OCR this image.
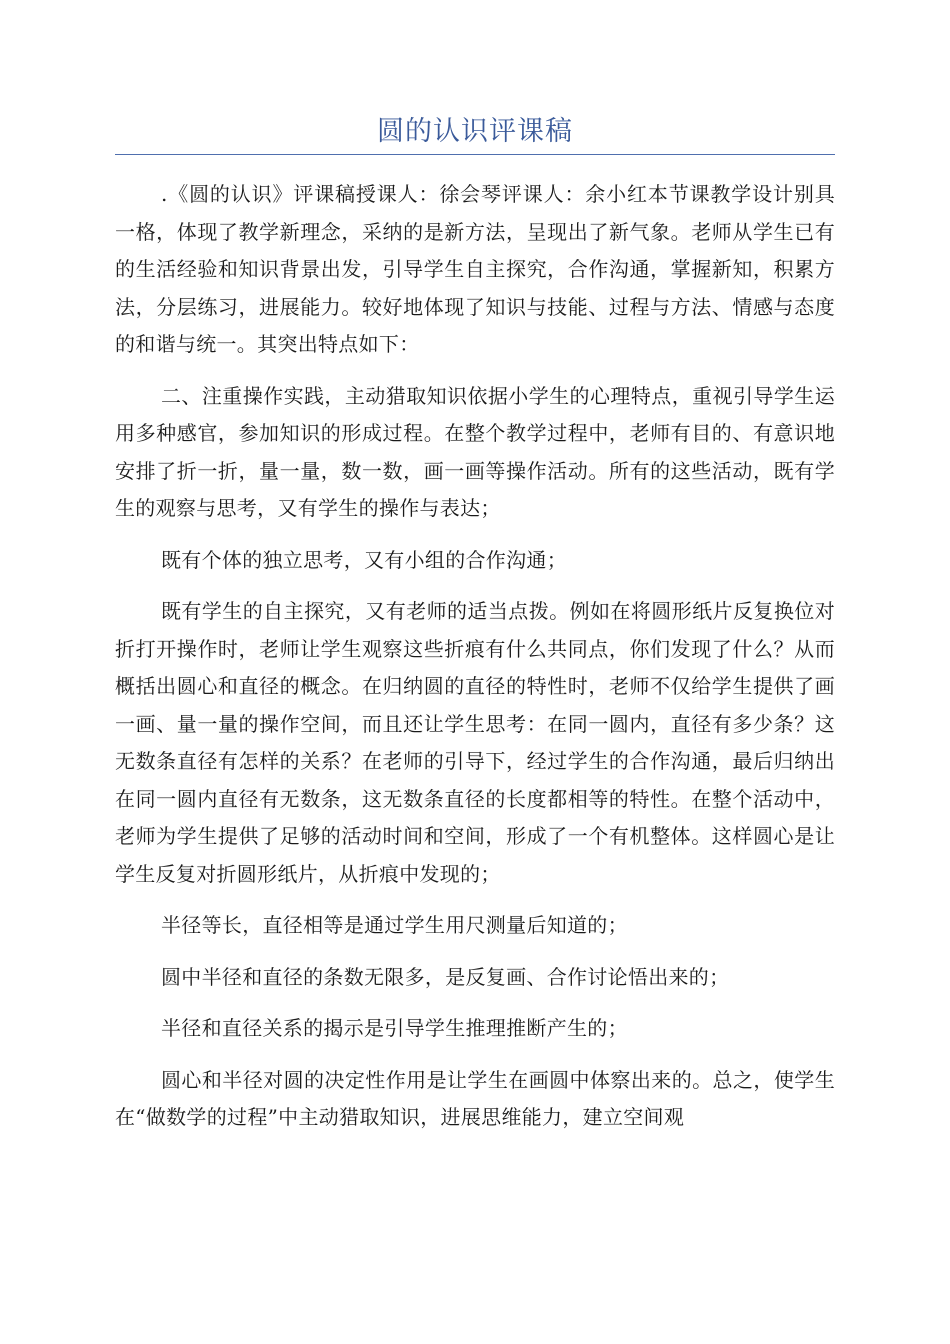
圆的认识评课稿

.《圆的认识》评课稿授课人：徐会琴评课人：余小红本节课教学设计别具一格，体现了教学新理念，采纳的是新方法，呈现出了新气象。老师从学生已有的生活经验和知识背景出发，引导学生自主探究，合作沟通，掌握新知，积累方法，分层练习，进展能力。较好地体现了知识与技能、过程与方法、情感与态度的和谐与统一。其突出特点如下：

二、注重操作实践，主动猎取知识依据小学生的心理特点，重视引导学生运用多种感官，参加知识的形成过程。在整个教学过程中，老师有目的、有意识地安排了折一折，量一量，数一数，画一画等操作活动。所有的这些活动，既有学生的观察与思考，又有学生的操作与表达；

既有个体的独立思考，又有小组的合作沟通；

既有学生的自主探究，又有老师的适当点拨。例如在将圆形纸片反复换位对折打开操作时，老师让学生观察这些折痕有什么共同点，你们发现了什么？从而概括出圆心和直径的概念。在归纳圆的直径的特性时，老师不仅给学生提供了画一画、量一量的操作空间，而且还让学生思考：在同一圆内，直径有多少条？这无数条直径有怎样的关系？在老师的引导下，经过学生的合作沟通，最后归纳出在同一圆内直径有无数条，这无数条直径的长度都相等的特性。在整个活动中，老师为学生提供了足够的活动时间和空间，形成了一个有机整体。这样圆心是让学生反复对折圆形纸片，从折痕中发现的；

半径等长，直径相等是通过学生用尺测量后知道的；

圆中半径和直径的条数无限多，是反复画、合作讨论悟出来的；

半径和直径关系的揭示是引导学生推理推断产生的；

圆心和半径对圆的决定性作用是让学生在画圆中体察出来的。总之，使学生在“做数学的过程”中主动猎取知识，进展思维能力，建立空间观
